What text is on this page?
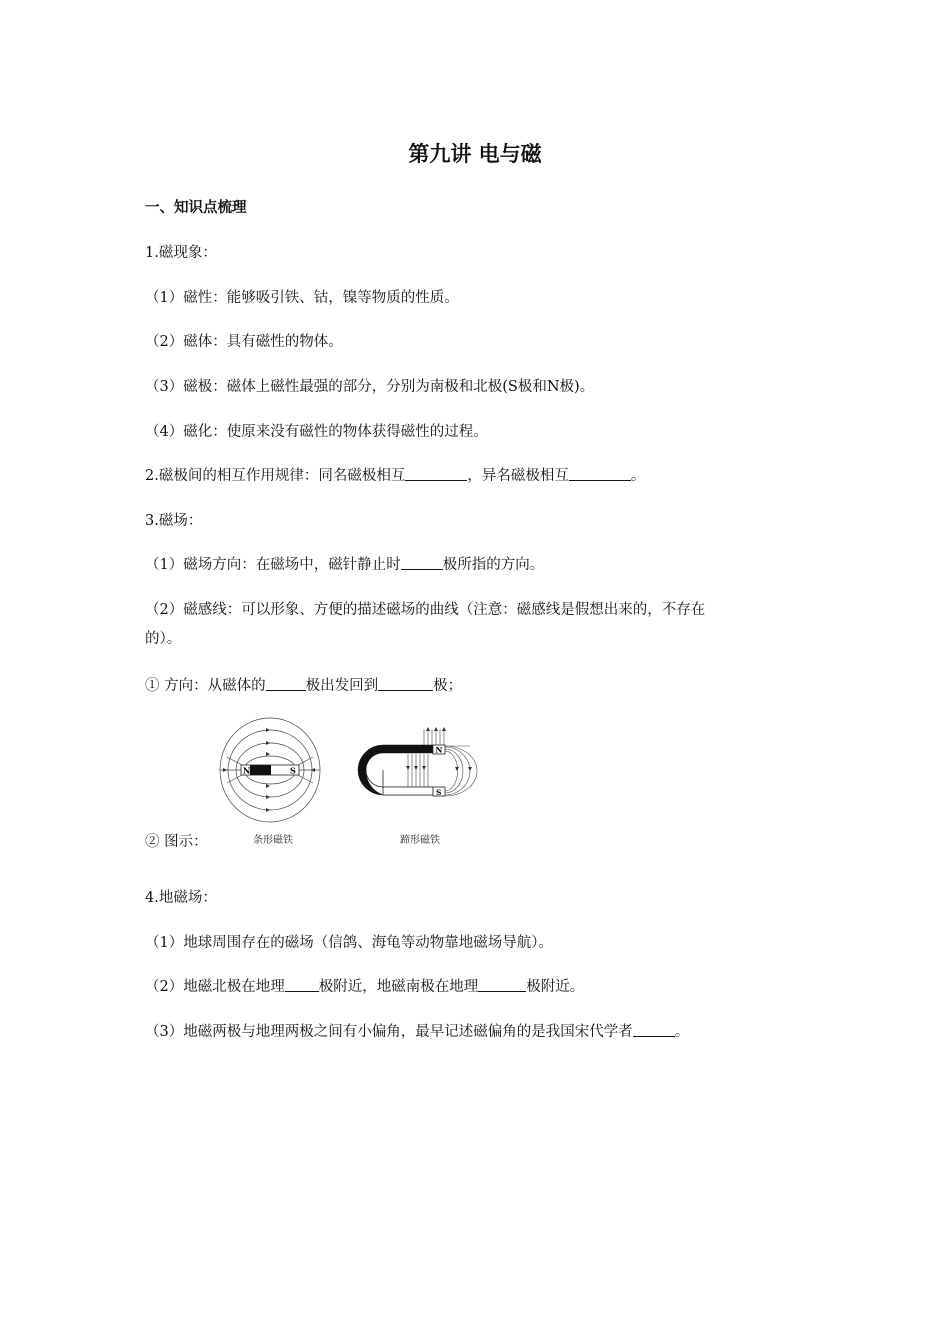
第九讲 电与磁
一、知识点梳理
1.磁现象：
（1）磁性：能够吸引铁、钴，镍等物质的性质。
（2）磁体：具有磁性的物体。
（3）磁极：磁体上磁性最强的部分，分别为南极和北极(S极和N极)。
（4）磁化：使原来没有磁性的物体获得磁性的过程。
2.磁极间的相互作用规律：同名磁极相互	，异名磁极相互	。
3.磁场：
（1）磁场方向：在磁场中，磁针静止时	极所指的方向。
（2）磁感线：可以形象、方便的描述磁场的曲线（注意：磁感线是假想出来的，不存在
的）。
① 方向：从磁体的	极出发回到	极；
② 图示：
N	S
条形磁铁
N
S
蹄形磁铁
4.地磁场：
（1）地球周围存在的磁场（信鸽、海龟等动物靠地磁场导航）。
（2）地磁北极在地理 极附近，地磁南极在地理	极附近。
（3）地磁两极与地理两极之间有小偏角，最早记述磁偏角的是我国宋代学者	。
